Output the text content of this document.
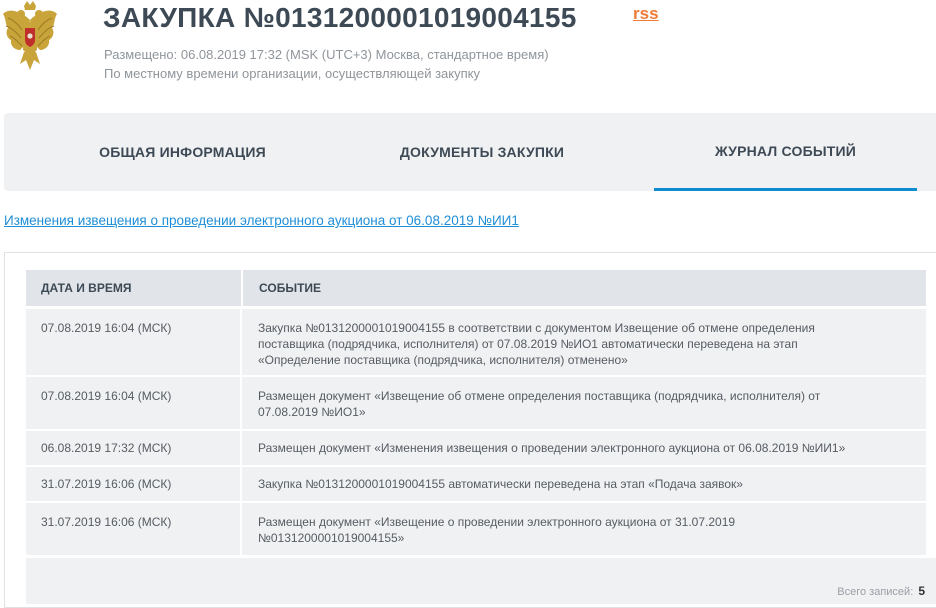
ЗАКУПКА №0131200001019004155	rss
Размещено: 06.08.2019 17:32 (MSK (UTC+3) Москва, стандартное время)
По местному времени организации, осуществляющей закупку
ОБЩАЯ ИНФОРМАЦИЯ	ДОКУМЕНТЫ ЗАКУПКИ	ЖУРНАЛ СОБЫТИЙ
Изменения извещения о проведении электронного аукциона от 06.08.2019 №ИИ1
ДАТА И ВРЕМЯ	СОБЫТИЕ
07.08.2019 16:04 (МСК)	Закупка №0131200001019004155 в соответствии с документом Извещение об отмене определения
поставщика (подрядчика, исполнителя) от 07.08.2019 №ИО1 автоматически переведена на этап
«Определение поставщика (подрядчика, исполнителя) отменено»
07.08.2019 16:04 (МСК)	Размещен документ «Извещение об отмене определения поставщика (подрядчика, исполнителя) от
07.08.2019 №ИО1»
06.08.2019 17:32 (МСК)	Размещен документ «Изменения извещения о проведении электронного аукциона от 06.08.2019 №ИИ1»
31.07.2019 16:06 (МСК)	Закупка №0131200001019004155 автоматически переведена на этап «Подача заявок»
31.07.2019 16:06 (МСК)	Размещен документ «Извещение о проведении электронного аукциона от 31.07.2019
№0131200001019004155»
Всего записей: 5
